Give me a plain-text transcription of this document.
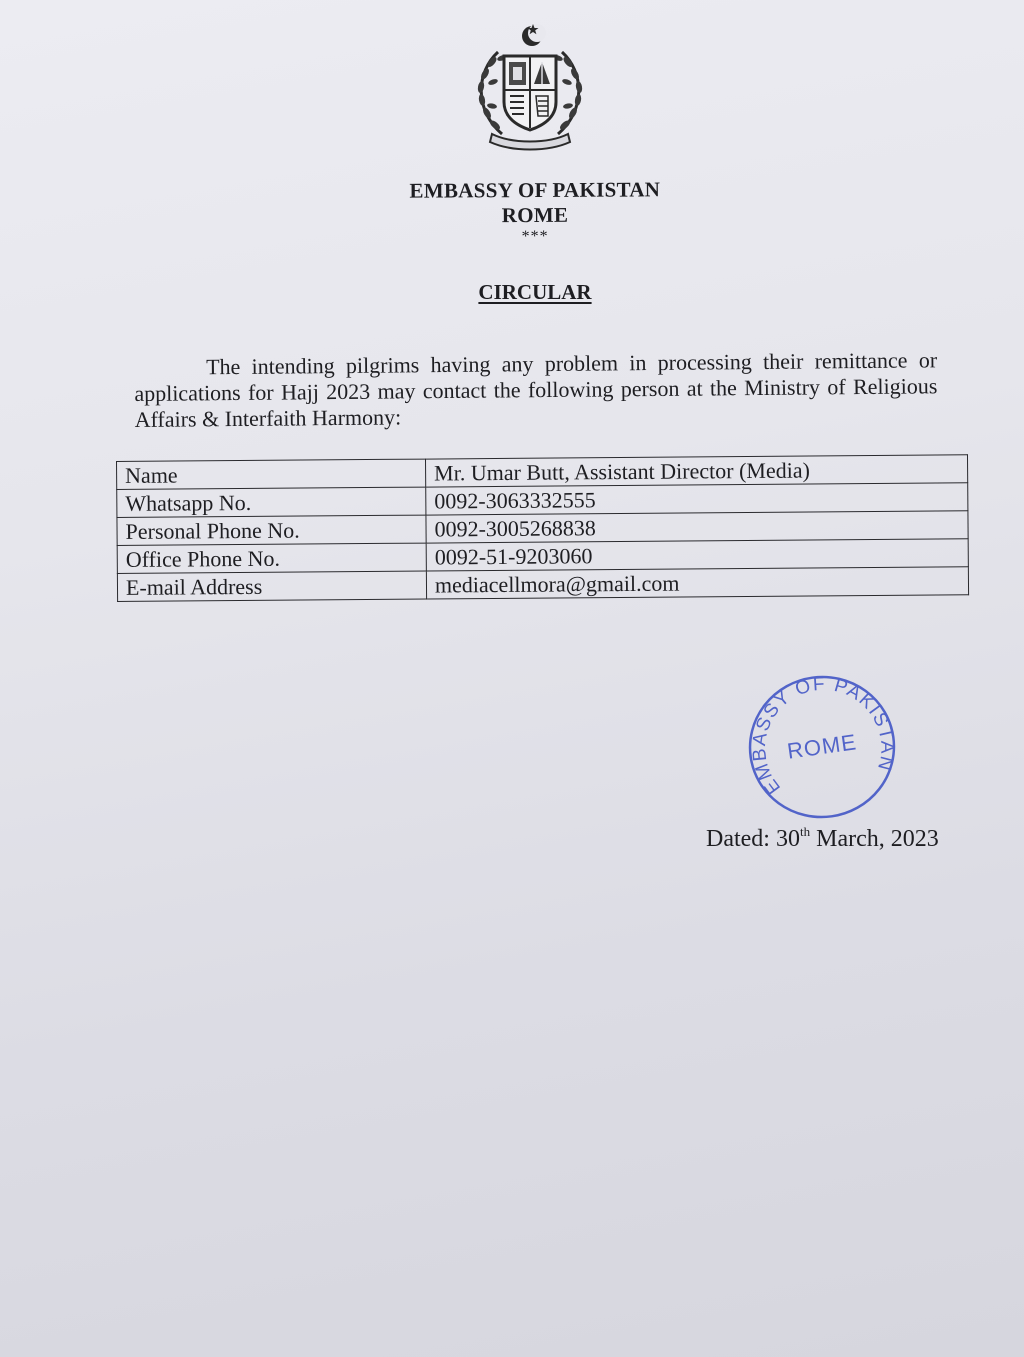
EMBASSY OF PAKISTAN
ROME
***
CIRCULAR
The intending pilgrims having any problem in processing their remittance or applications for Hajj 2023 may contact the following person at the Ministry of Religious Affairs & Interfaith Harmony:
Name	Mr. Umar Butt, Assistant Director (Media)
Whatsapp No.	0092-3063332555
Personal Phone No.	0092-3005268838
Office Phone No.	0092-51-9203060
E-mail Address	mediacellmora@gmail.com
EMBASSY OF PAKISTAN
ROME
Dated: 30th March, 2023
